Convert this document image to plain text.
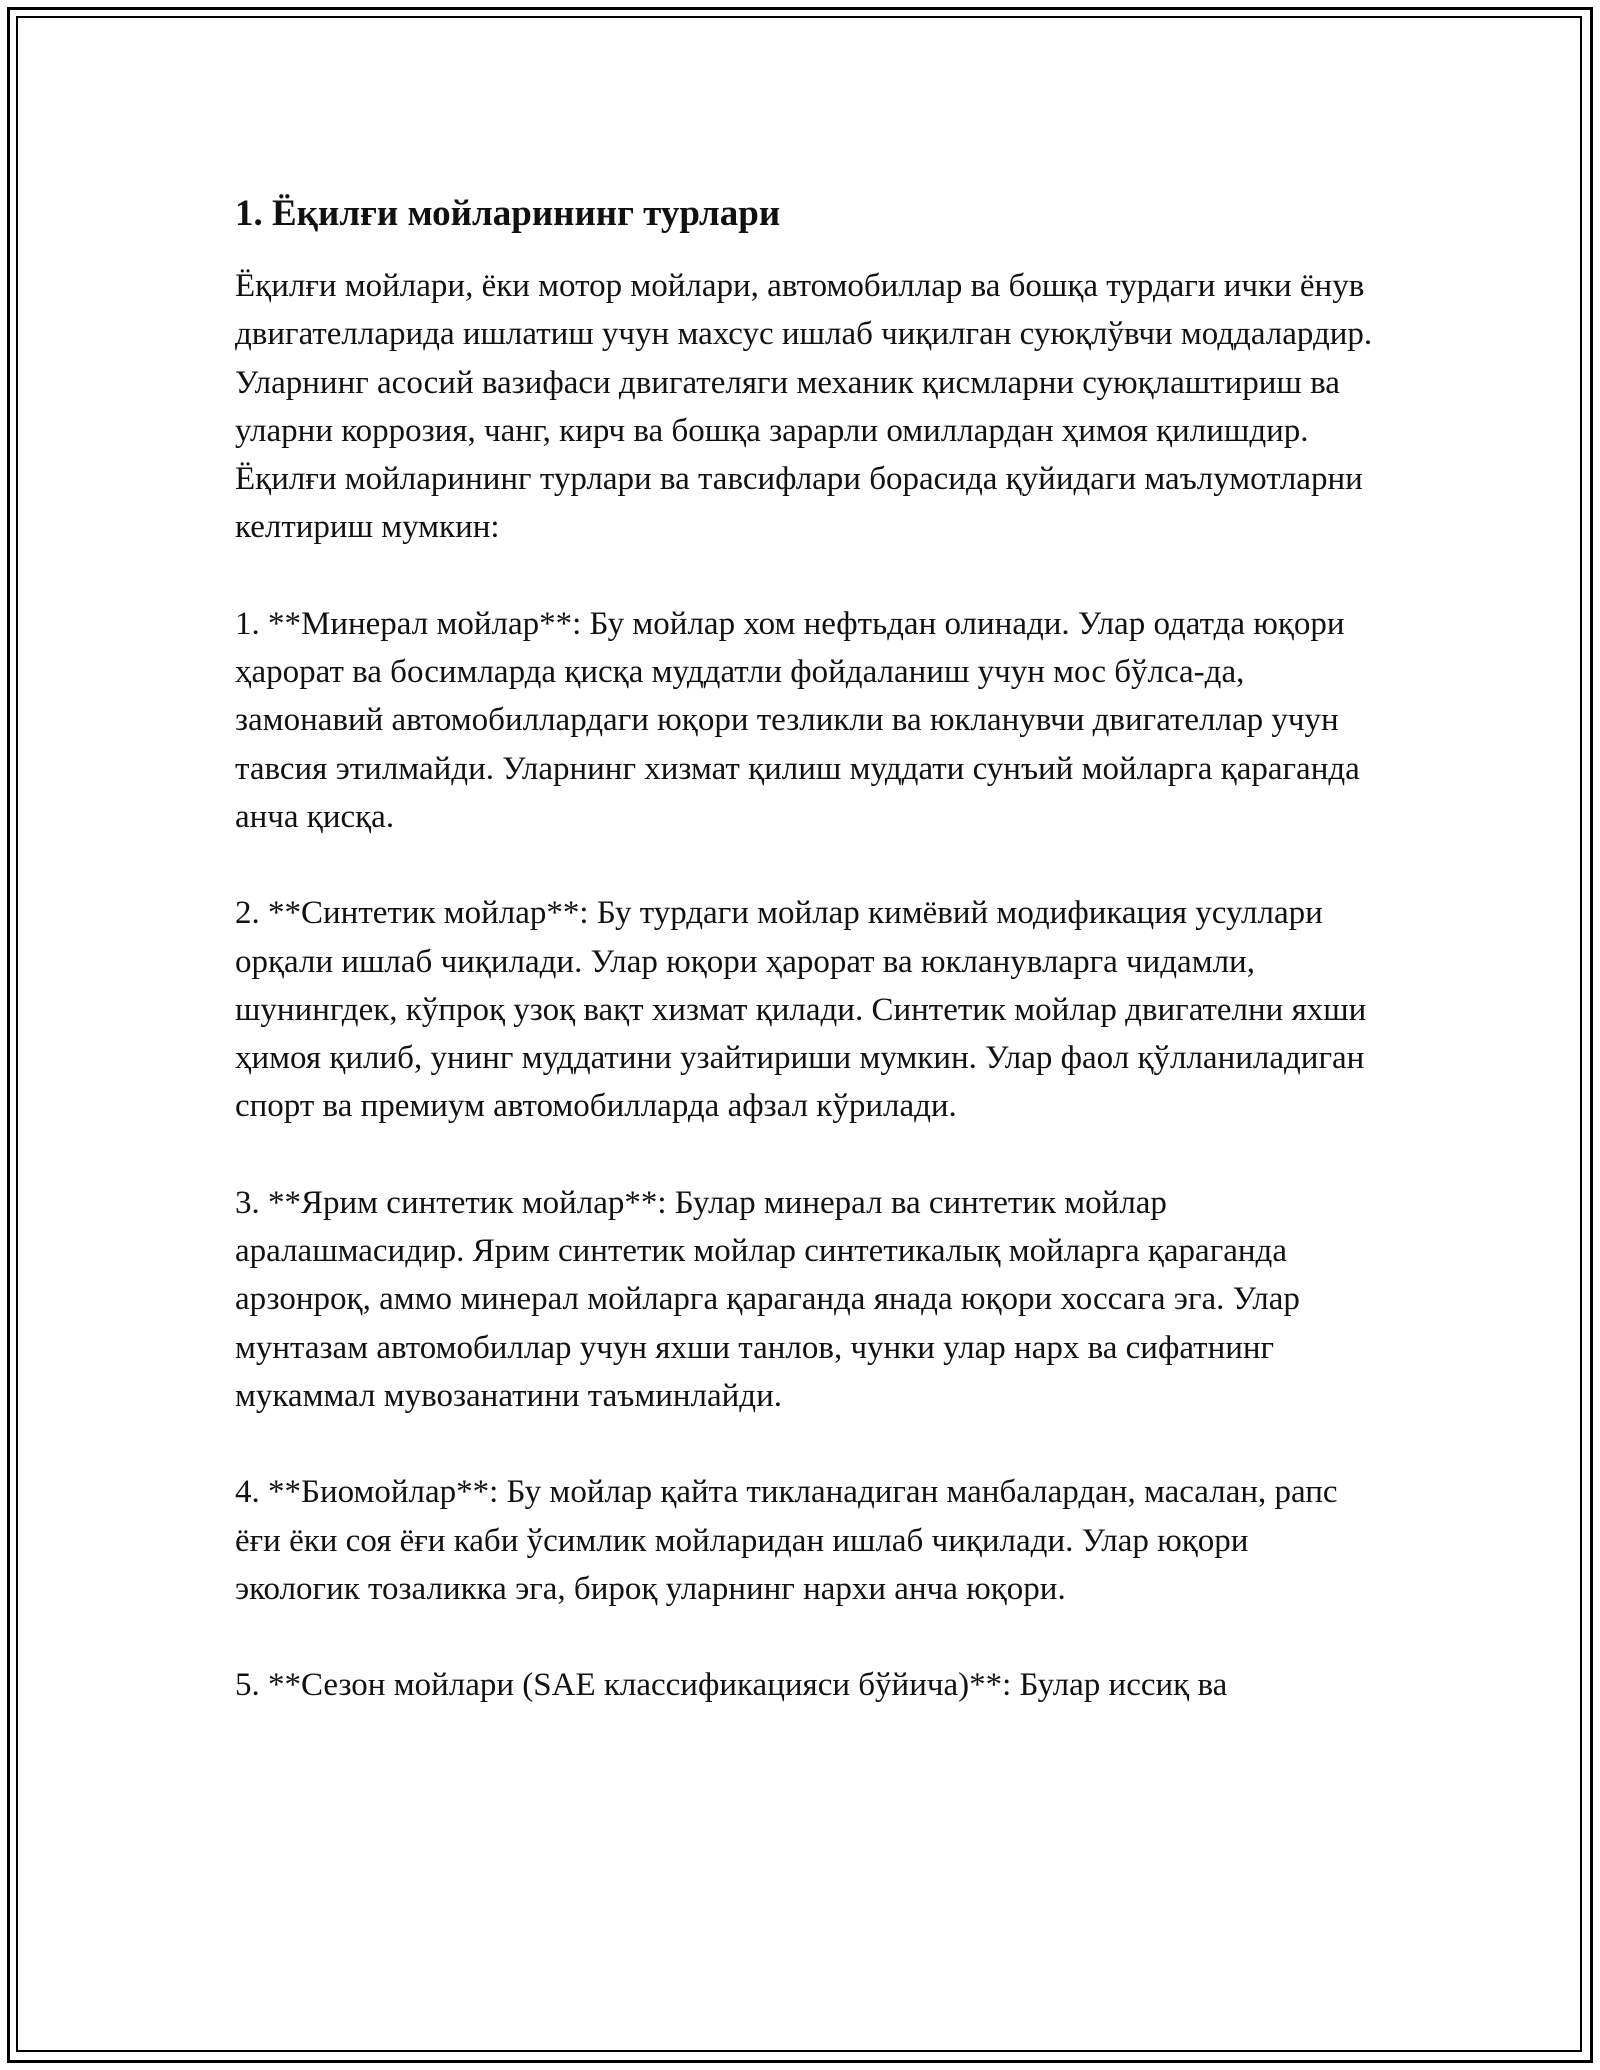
1. Ёқилғи мойларининг турлари

Ёқилғи мойлари, ёки мотор мойлари, автомобиллар ва бошқа турдаги ички ёнув двигателларида ишлатиш учун махсус ишлаб чиқилган суюқлўвчи моддалардир. Уларнинг асосий вазифаси двигателяги механик қисмларни суюқлаштириш ва уларни коррозия, чанг, кирч ва бошқа зарарли омиллардан ҳимоя қилишдир. Ёқилғи мойларининг турлари ва тавсифлари борасида қуйидаги маълумотларни келтириш мумкин:

1. **Минерал мойлар**: Бу мойлар хом нефтьдан олинади. Улар одатда юқори ҳарорат ва босимларда қисқа муддатли фойдаланиш учун мос бўлса-да, замонавий автомобиллардаги юқори тезликли ва юкланувчи двигателлар учун тавсия этилмайди. Уларнинг хизмат қилиш муддати сунъий мойларга қараганда анча қисқа.

2. **Синтетик мойлар**: Бу турдаги мойлар кимёвий модификация усуллари орқали ишлаб чиқилади. Улар юқори ҳарорат ва юкланувларга чидамли, шунингдек, кўпроқ узоқ вақт хизмат қилади. Синтетик мойлар двигателни яхши ҳимоя қилиб, унинг муддатини узайтириши мумкин. Улар фаол қўлланиладиган спорт ва премиум автомобилларда афзал кўрилади.

3. **Ярим синтетик мойлар**: Булар минерал ва синтетик мойлар аралашмасидир. Ярим синтетик мойлар синтетикалық мойларга қараганда арзонроқ, аммо минерал мойларга қараганда янада юқори хоссага эга. Улар мунтазам автомобиллар учун яхши танлов, чунки улар нарх ва сифатнинг мукаммал мувозанатини таъминлайди.

4. **Биомойлар**: Бу мойлар қайта тикланадиган манбалардан, масалан, рапс ёғи ёки соя ёғи каби ўсимлик мойларидан ишлаб чиқилади. Улар юқори экологик тозаликка эга, бироқ уларнинг нархи анча юқори.

5. **Сезон мойлари (SAE классификацияси бўйича)**: Булар иссиқ ва
